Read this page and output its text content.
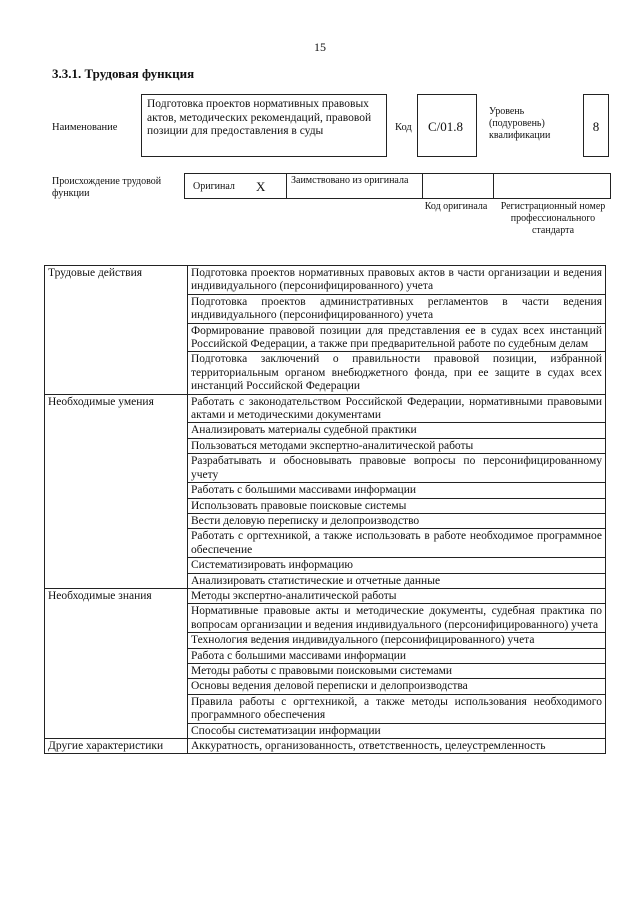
15
3.3.1. Трудовая функция
Наименование
Подготовка проектов нормативных правовых актов, методических рекомендаций, правовой позиции для предоставления в суды	Код	C/01.8
Уровень (подуровень) квалификации
8
Происхождение трудовой функции
Оригинал X	Заимствовано из оригинала
Код оригинала	Регистрационный номер профессионального стандарта
Трудовые действия	Подготовка проектов нормативных правовых актов в части организации и ведения индивидуального (персонифицированного) учета
	Подготовка проектов административных регламентов в части ведения индивидуального (персонифицированного) учета
	Формирование правовой позиции для представления ее в судах всех инстанций Российской Федерации, а также при предварительной работе по судебным делам
	Подготовка заключений о правильности правовой позиции, избранной территориальным органом внебюджетного фонда, при ее защите в судах всех инстанций Российской Федерации
Необходимые умения	Работать с законодательством Российской Федерации, нормативными правовыми актами и методическими документами
	Анализировать материалы судебной практики
	Пользоваться методами экспертно-аналитической работы
	Разрабатывать и обосновывать правовые вопросы по персонифицированному учету
	Работать с большими массивами информации
	Использовать правовые поисковые системы
	Вести деловую переписку и делопроизводство
	Работать с оргтехникой, а также использовать в работе необходимое программное обеспечение
	Систематизировать информацию
	Анализировать статистические и отчетные данные
Необходимые знания	Методы экспертно-аналитической работы
	Нормативные правовые акты и методические документы, судебная практика по вопросам организации и ведения индивидуального (персонифицированного) учета
	Технология ведения индивидуального (персонифицированного) учета
	Работа с большими массивами информации
	Методы работы с правовыми поисковыми системами
	Основы ведения деловой переписки и делопроизводства
	Правила работы с оргтехникой, а также методы использования необходимого программного обеспечения
	Способы систематизации информации
Другие характеристики	Аккуратность, организованность, ответственность, целеустремленность
